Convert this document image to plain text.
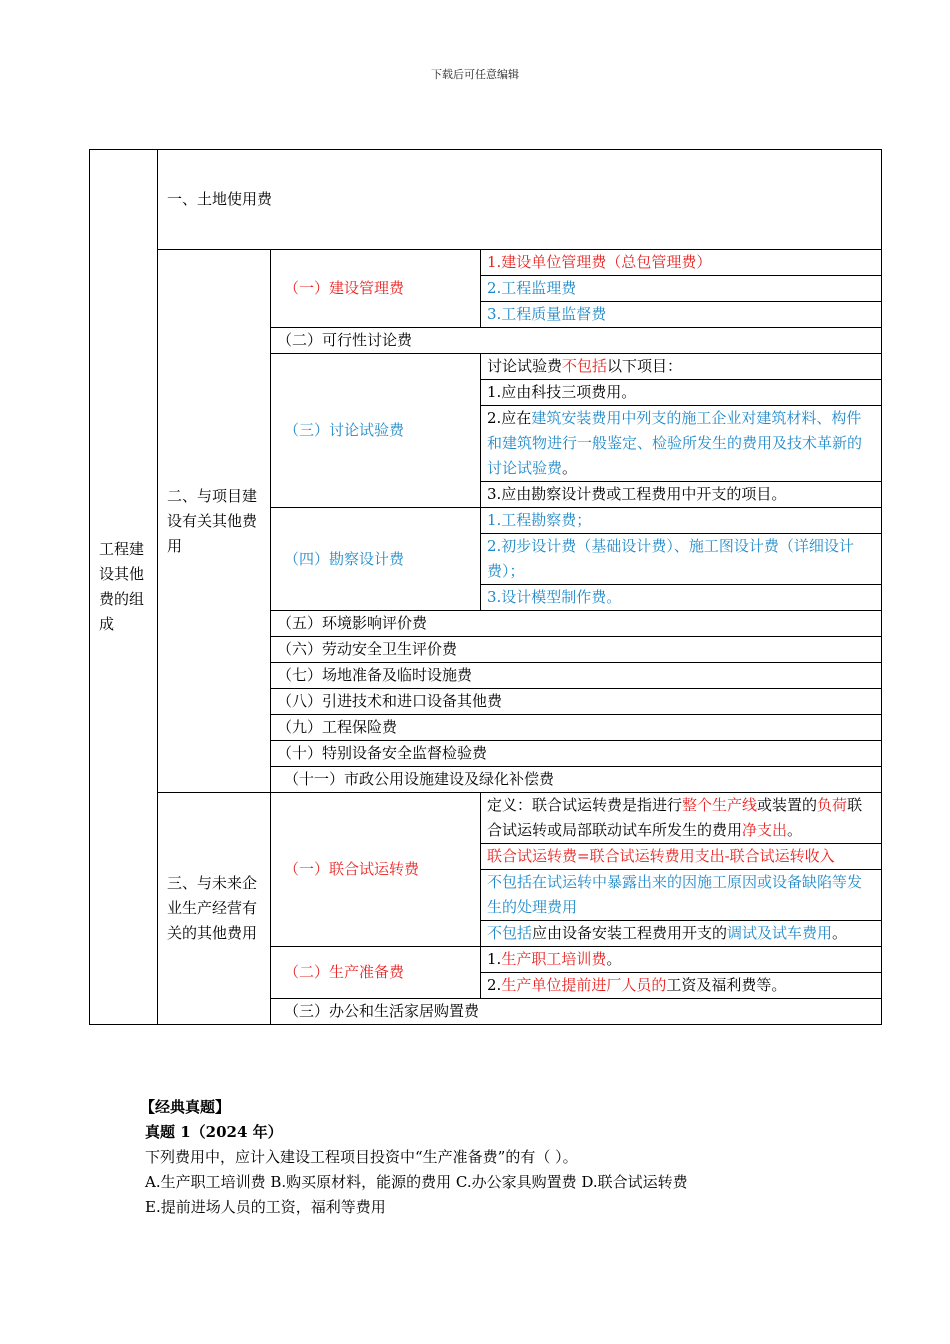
下载后可任意编辑
工程建设其他费的组成	一、土地使用费		
	二、与项目建设有关其他费用	（一）建设管理费	1.建设单位管理费（总包管理费）
			2.工程监理费
			3.工程质量监督费
		（二）可行性讨论费	
		（三）讨论试验费	讨论试验费不包括以下项目：
			1.应由科技三项费用。
			2.应在建筑安装费用中列支的施工企业对建筑材料、构件和建筑物进行一般鉴定、检验所发生的费用及技术革新的讨论试验费。
			3.应由勘察设计费或工程费用中开支的项目。
		（四）勘察设计费	1.工程勘察费；
			2.初步设计费（基础设计费）、施工图设计费（详细设计费）；
			3.设计模型制作费。
		（五）环境影响评价费	
		（六）劳动安全卫生评价费	
		（七）场地准备及临时设施费	
		（八）引进技术和进口设备其他费	
		（九）工程保险费	
		（十）特别设备安全监督检验费	
		（十一）市政公用设施建设及绿化补偿费	
	三、与未来企业生产经营有关的其他费用	（一）联合试运转费	定义：联合试运转费是指进行整个生产线或装置的负荷联合试运转或局部联动试车所发生的费用净支出。
			联合试运转费=联合试运转费用支出-联合试运转收入
			不包括在试运转中暴露出来的因施工原因或设备缺陷等发生的处理费用
			不包括应由设备安装工程费用开支的调试及试车费用。
		（二）生产准备费	1.生产职工培训费。
			2.生产单位提前进厂人员的工资及福利费等。
		（三）办公和生活家居购置费	

【经典真题】

真题 1（2024 年）

下列费用中，应计入建设工程项目投资中“生产准备费”的有（ ）。

A.生产职工培训费 B.购买原材料，能源的费用 C.办公家具购置费 D.联合试运转费

E.提前进场人员的工资，福利等费用
